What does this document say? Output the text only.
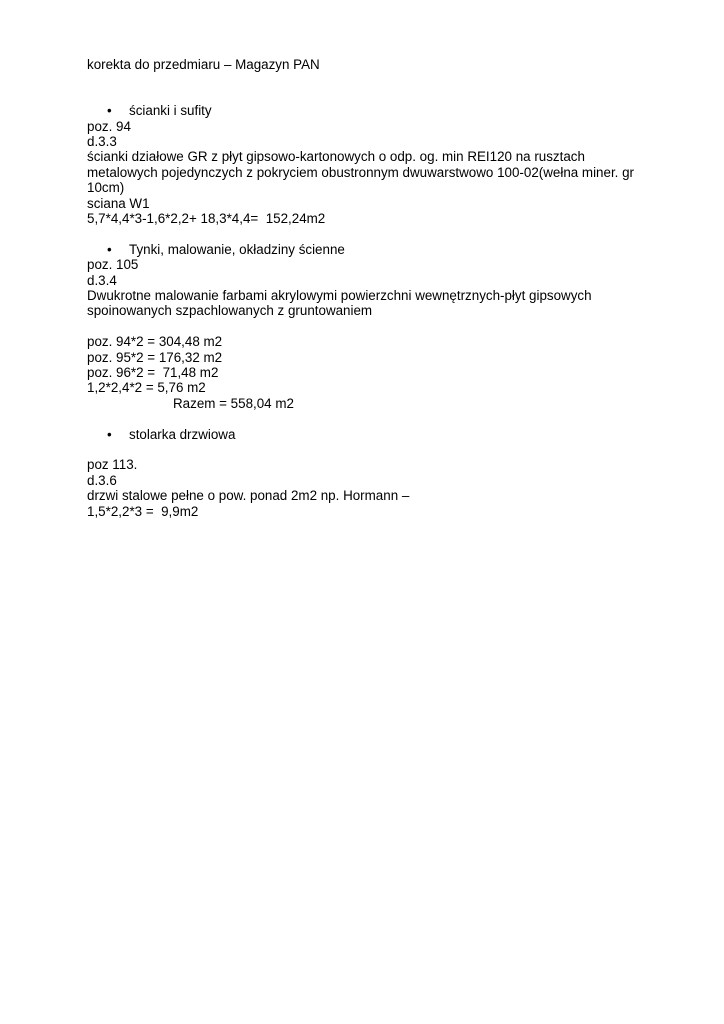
korekta do przedmiaru – Magazyn PAN
•	ścianki i sufity
poz. 94
d.3.3
ścianki działowe GR z płyt gipsowo-kartonowych o odp. og. min REI120 na rusztach metalowych pojedynczych z pokryciem obustronnym dwuwarstwowo 100-02(wełna miner. gr 10cm)
sciana W1
5,7*4,4*3-1,6*2,2+ 18,3*4,4=  152,24m2
•	Tynki, malowanie, okładziny ścienne
poz. 105
d.3.4
Dwukrotne malowanie farbami akrylowymi powierzchni wewnętrznych-płyt gipsowych spoinowanych szpachlowanych z gruntowaniem
poz. 94*2 = 304,48 m2
poz. 95*2 = 176,32 m2
poz. 96*2 =  71,48 m2
1,2*2,4*2 = 5,76 m2
Razem = 558,04 m2
•	stolarka drzwiowa
poz 113.
d.3.6
drzwi stalowe pełne o pow. ponad 2m2 np. Hormann –
1,5*2,2*3 =  9,9m2
